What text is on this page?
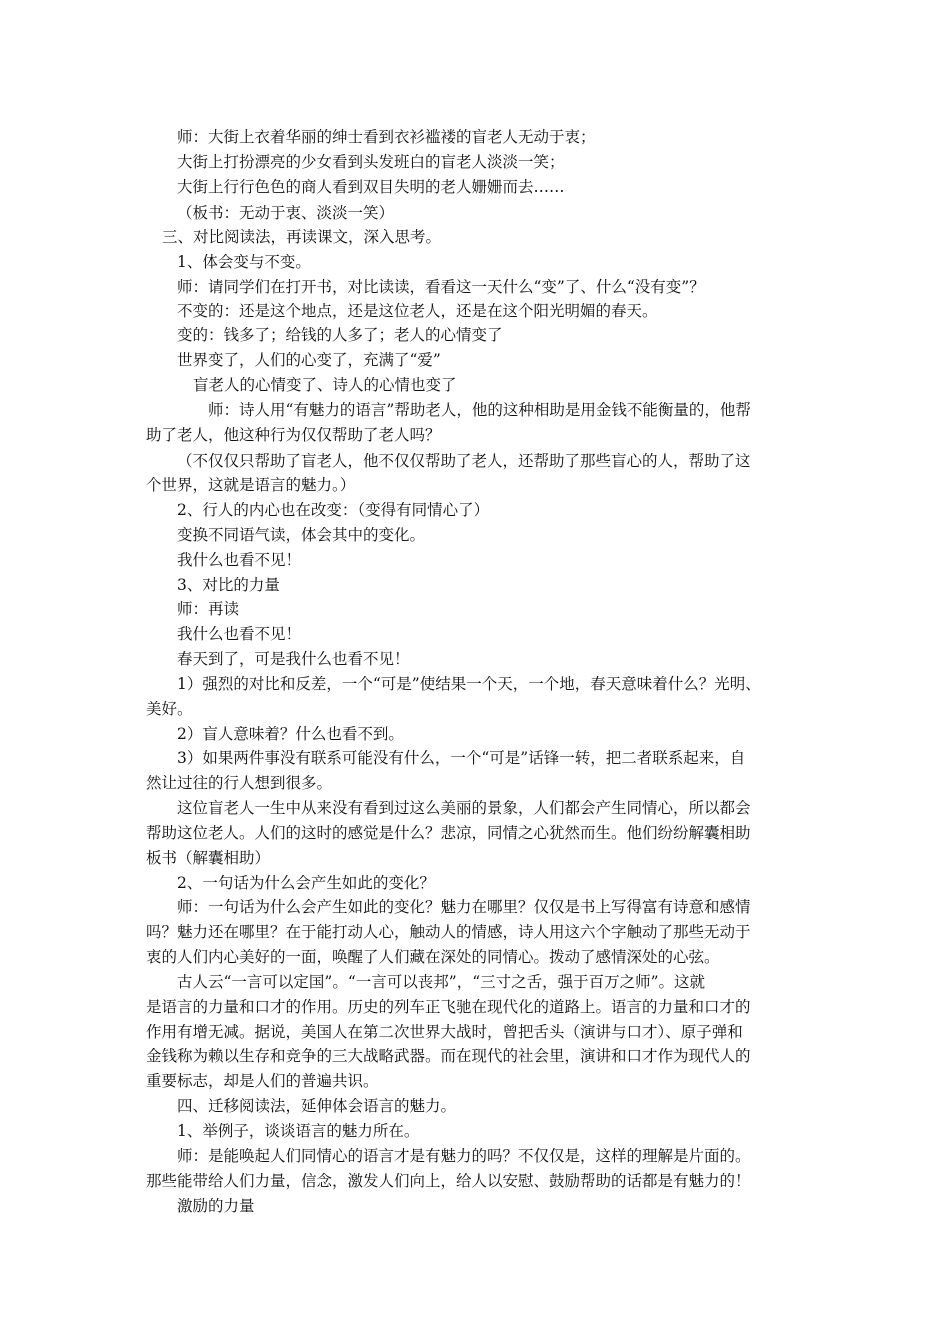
师：大街上衣着华丽的绅士看到衣衫褴褛的盲老人无动于衷；

大街上打扮漂亮的少女看到头发班白的盲老人淡淡一笑；

大街上行行色色的商人看到双目失明的老人姗姗而去……

（板书：无动于衷、淡淡一笑）

三、对比阅读法，再读课文，深入思考。

1、体会变与不变。

师：请同学们在打开书，对比读读，看看这一天什么“变”了、什么“没有变”？

不变的：还是这个地点，还是这位老人，还是在这个阳光明媚的春天。

变的：钱多了；给钱的人多了；老人的心情变了

世界变了，人们的心变了，充满了“爱”

盲老人的心情变了、诗人的心情也变了

师：诗人用“有魅力的语言”帮助老人，他的这种相助是用金钱不能衡量的，他帮

助了老人，他这种行为仅仅帮助了老人吗？

（不仅仅只帮助了盲老人，他不仅仅帮助了老人，还帮助了那些盲心的人，帮助了这

个世界，这就是语言的魅力。）

2、行人的内心也在改变：（变得有同情心了）

变换不同语气读，体会其中的变化。

我什么也看不见！

3、对比的力量

师：再读

我什么也看不见！

春天到了，可是我什么也看不见！

1）强烈的对比和反差，一个“可是”使结果一个天，一个地，春天意味着什么？光明、

美好。

2）盲人意味着？什么也看不到。

3）如果两件事没有联系可能没有什么，一个“可是”话锋一转，把二者联系起来，自

然让过往的行人想到很多。

这位盲老人一生中从来没有看到过这么美丽的景象，人们都会产生同情心，所以都会

帮助这位老人。人们的这时的感觉是什么？悲凉，同情之心犹然而生。他们纷纷解囊相助

板书（解囊相助）

2、一句话为什么会产生如此的变化？

师：一句话为什么会产生如此的变化？魅力在哪里？仅仅是书上写得富有诗意和感情

吗？魅力还在哪里？在于能打动人心，触动人的情感，诗人用这六个字触动了那些无动于

衷的人们内心美好的一面，唤醒了人们藏在深处的同情心。拨动了感情深处的心弦。

古人云“一言可以定国”。“一言可以丧邦”，“三寸之舌，强于百万之师”。这就

是语言的力量和口才的作用。历史的列车正飞驰在现代化的道路上。语言的力量和口才的

作用有增无减。据说，美国人在第二次世界大战时，曾把舌头（演讲与口才）、原子弹和

金钱称为赖以生存和竞争的三大战略武器。而在现代的社会里，演讲和口才作为现代人的

重要标志，却是人们的普遍共识。

四、迁移阅读法，延伸体会语言的魅力。

1、举例子，谈谈语言的魅力所在。

师：是能唤起人们同情心的语言才是有魅力的吗？不仅仅是，这样的理解是片面的。

那些能带给人们力量，信念，激发人们向上，给人以安慰、鼓励帮助的话都是有魅力的！

激励的力量
